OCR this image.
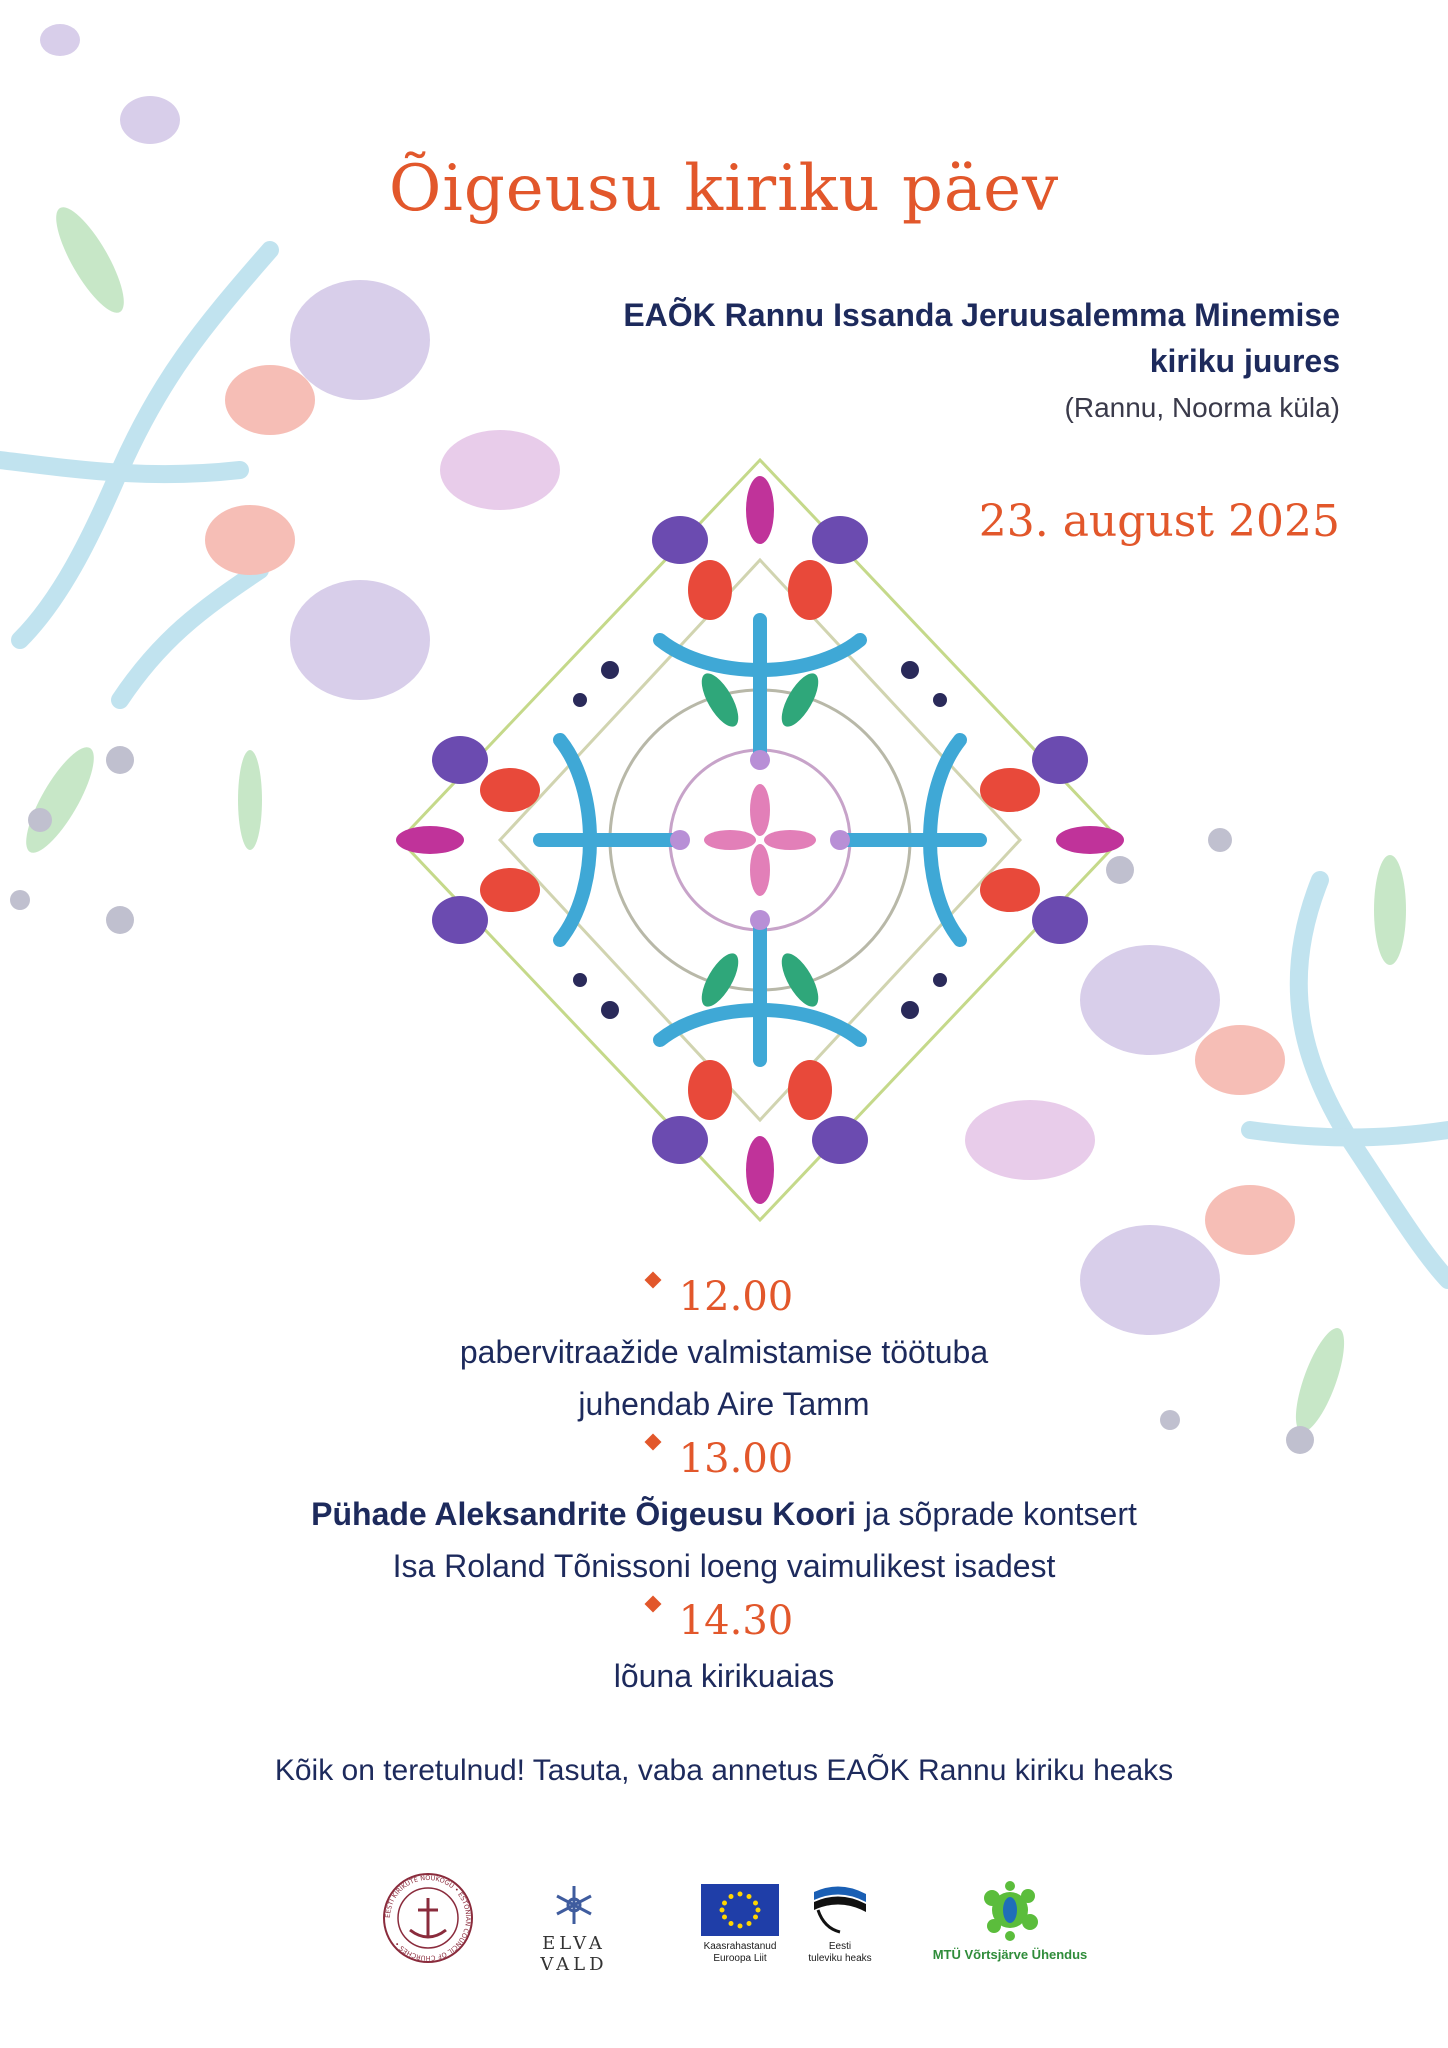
Õigeusu kiriku päev
EAÕK Rannu Issanda Jeruusalemma Minemise
kiriku juures
(Rannu, Noorma küla)
23. august 2025
12.00
pabervitraažide valmistamise töötuba
juhendab Aire Tamm
13.00
Pühade Aleksandrite Õigeusu Koori ja sõprade kontsert
Isa Roland Tõnissoni loeng vaimulikest isadest
14.30
lõuna kirikuaias
Kõik on teretulnud! Tasuta, vaba annetus EAÕK Rannu kiriku heaks
EESTI KIRIKUTE NÕUKOGU • ESTONIAN COUNCIL OF CHURCHES •	ELVA VALD
Kaasrahastanud
Euroopa Liit
Eesti
tuleviku heaks	MTÜ Võrtsjärve Ühendus
